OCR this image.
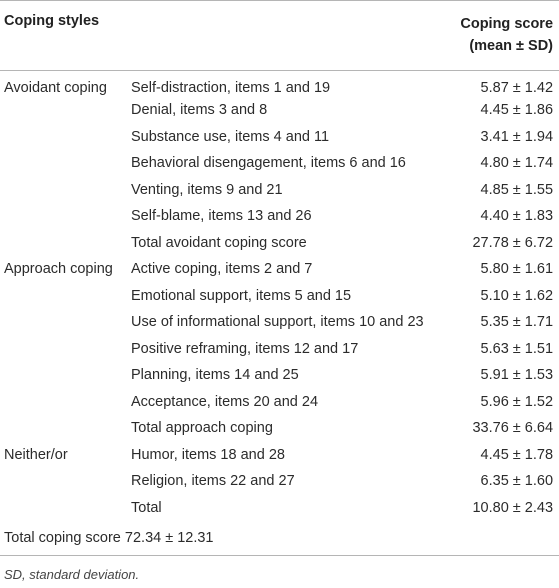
Coping styles		Coping score
(mean ± SD)
Avoidant coping	Self-distraction, items 1 and 19	5.87 ± 1.42
	Denial, items 3 and 8	4.45 ± 1.86
	Substance use, items 4 and 11	3.41 ± 1.94
	Behavioral disengagement, items 6 and 16	4.80 ± 1.74
	Venting, items 9 and 21	4.85 ± 1.55
	Self-blame, items 13 and 26	4.40 ± 1.83
	Total avoidant coping score	27.78 ± 6.72
Approach coping	Active coping, items 2 and 7	5.80 ± 1.61
	Emotional support, items 5 and 15	5.10 ± 1.62
	Use of informational support, items 10 and 23	5.35 ± 1.71
	Positive reframing, items 12 and 17	5.63 ± 1.51
	Planning, items 14 and 25	5.91 ± 1.53
	Acceptance, items 20 and 24	5.96 ± 1.52
	Total approach coping	33.76 ± 6.64
Neither/or	Humor, items 18 and 28	4.45 ± 1.78
	Religion, items 22 and 27	6.35 ± 1.60
	Total	10.80 ± 2.43
Total coping score 72.34 ± 12.31		
SD, standard deviation.
